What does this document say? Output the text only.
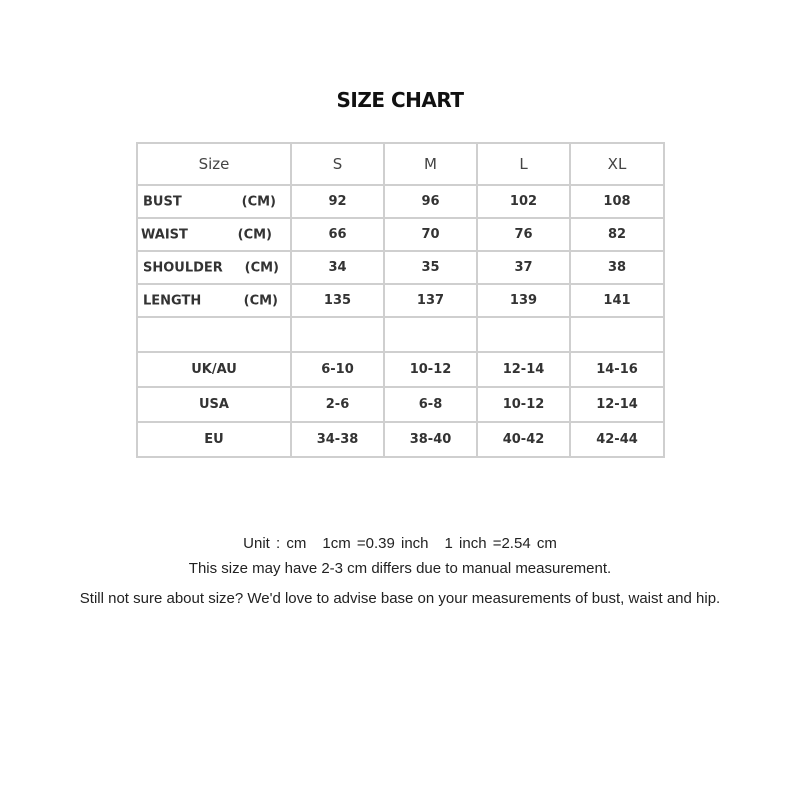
SIZE CHART
Size	S	M	L	XL

BUST (CM)	92	96	102	108

WAIST (CM)	66	70	76	82

SHOULDER (CM)	34	35	37	38

LENGTH (CM)	135	137	139	141

UK/AU	6-10	10-12	12-14	14-16
USA	2-6	6-8	10-12	12-14
EU	34-38	38-40	40-42	42-44
Unit : cm 1cm =0.39 inch 1 inch =2.54 cm
This size may have 2-3 cm differs due to manual measurement.
Still not sure about size? We'd love to advise base on your measurements of bust, waist and hip.
